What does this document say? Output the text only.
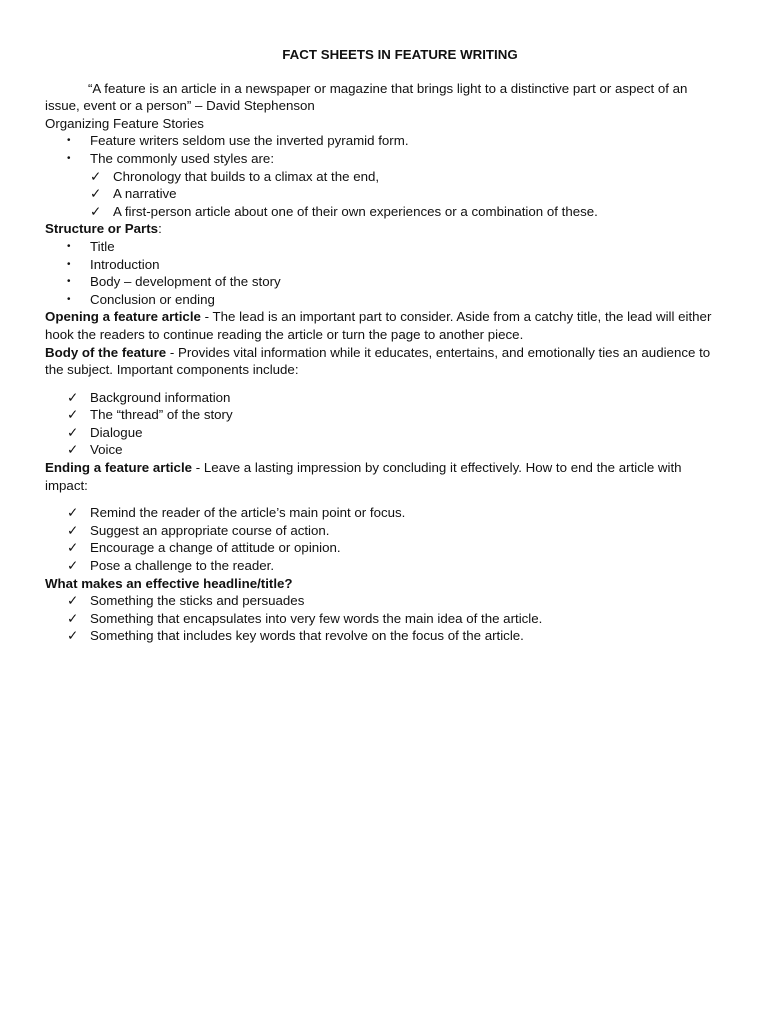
FACT SHEETS IN FEATURE WRITING

“A feature is an article in a newspaper or magazine that brings light to a distinctive part or aspect of an issue, event or a person” – David Stephenson

Organizing Feature Stories

• Feature writers seldom use the inverted pyramid form.
• The commonly used styles are:
✓ Chronology that builds to a climax at the end,
✓ A narrative
✓ A first-person article about one of their own experiences or a combination of these.

Structure or Parts:

• Title
• Introduction
• Body – development of the story
• Conclusion or ending

Opening a feature article - The lead is an important part to consider. Aside from a catchy title, the lead will either hook the readers to continue reading the article or turn the page to another piece.

Body of the feature - Provides vital information while it educates, entertains, and emotionally ties an audience to the subject. Important components include:

✓ Background information
✓ The “thread” of the story
✓ Dialogue
✓ Voice

Ending a feature article - Leave a lasting impression by concluding it effectively. How to end the article with impact:

✓ Remind the reader of the article’s main point or focus.
✓ Suggest an appropriate course of action.
✓ Encourage a change of attitude or opinion.
✓ Pose a challenge to the reader.

What makes an effective headline/title?

✓ Something the sticks and persuades
✓ Something that encapsulates into very few words the main idea of the article.
✓ Something that includes key words that revolve on the focus of the article.
